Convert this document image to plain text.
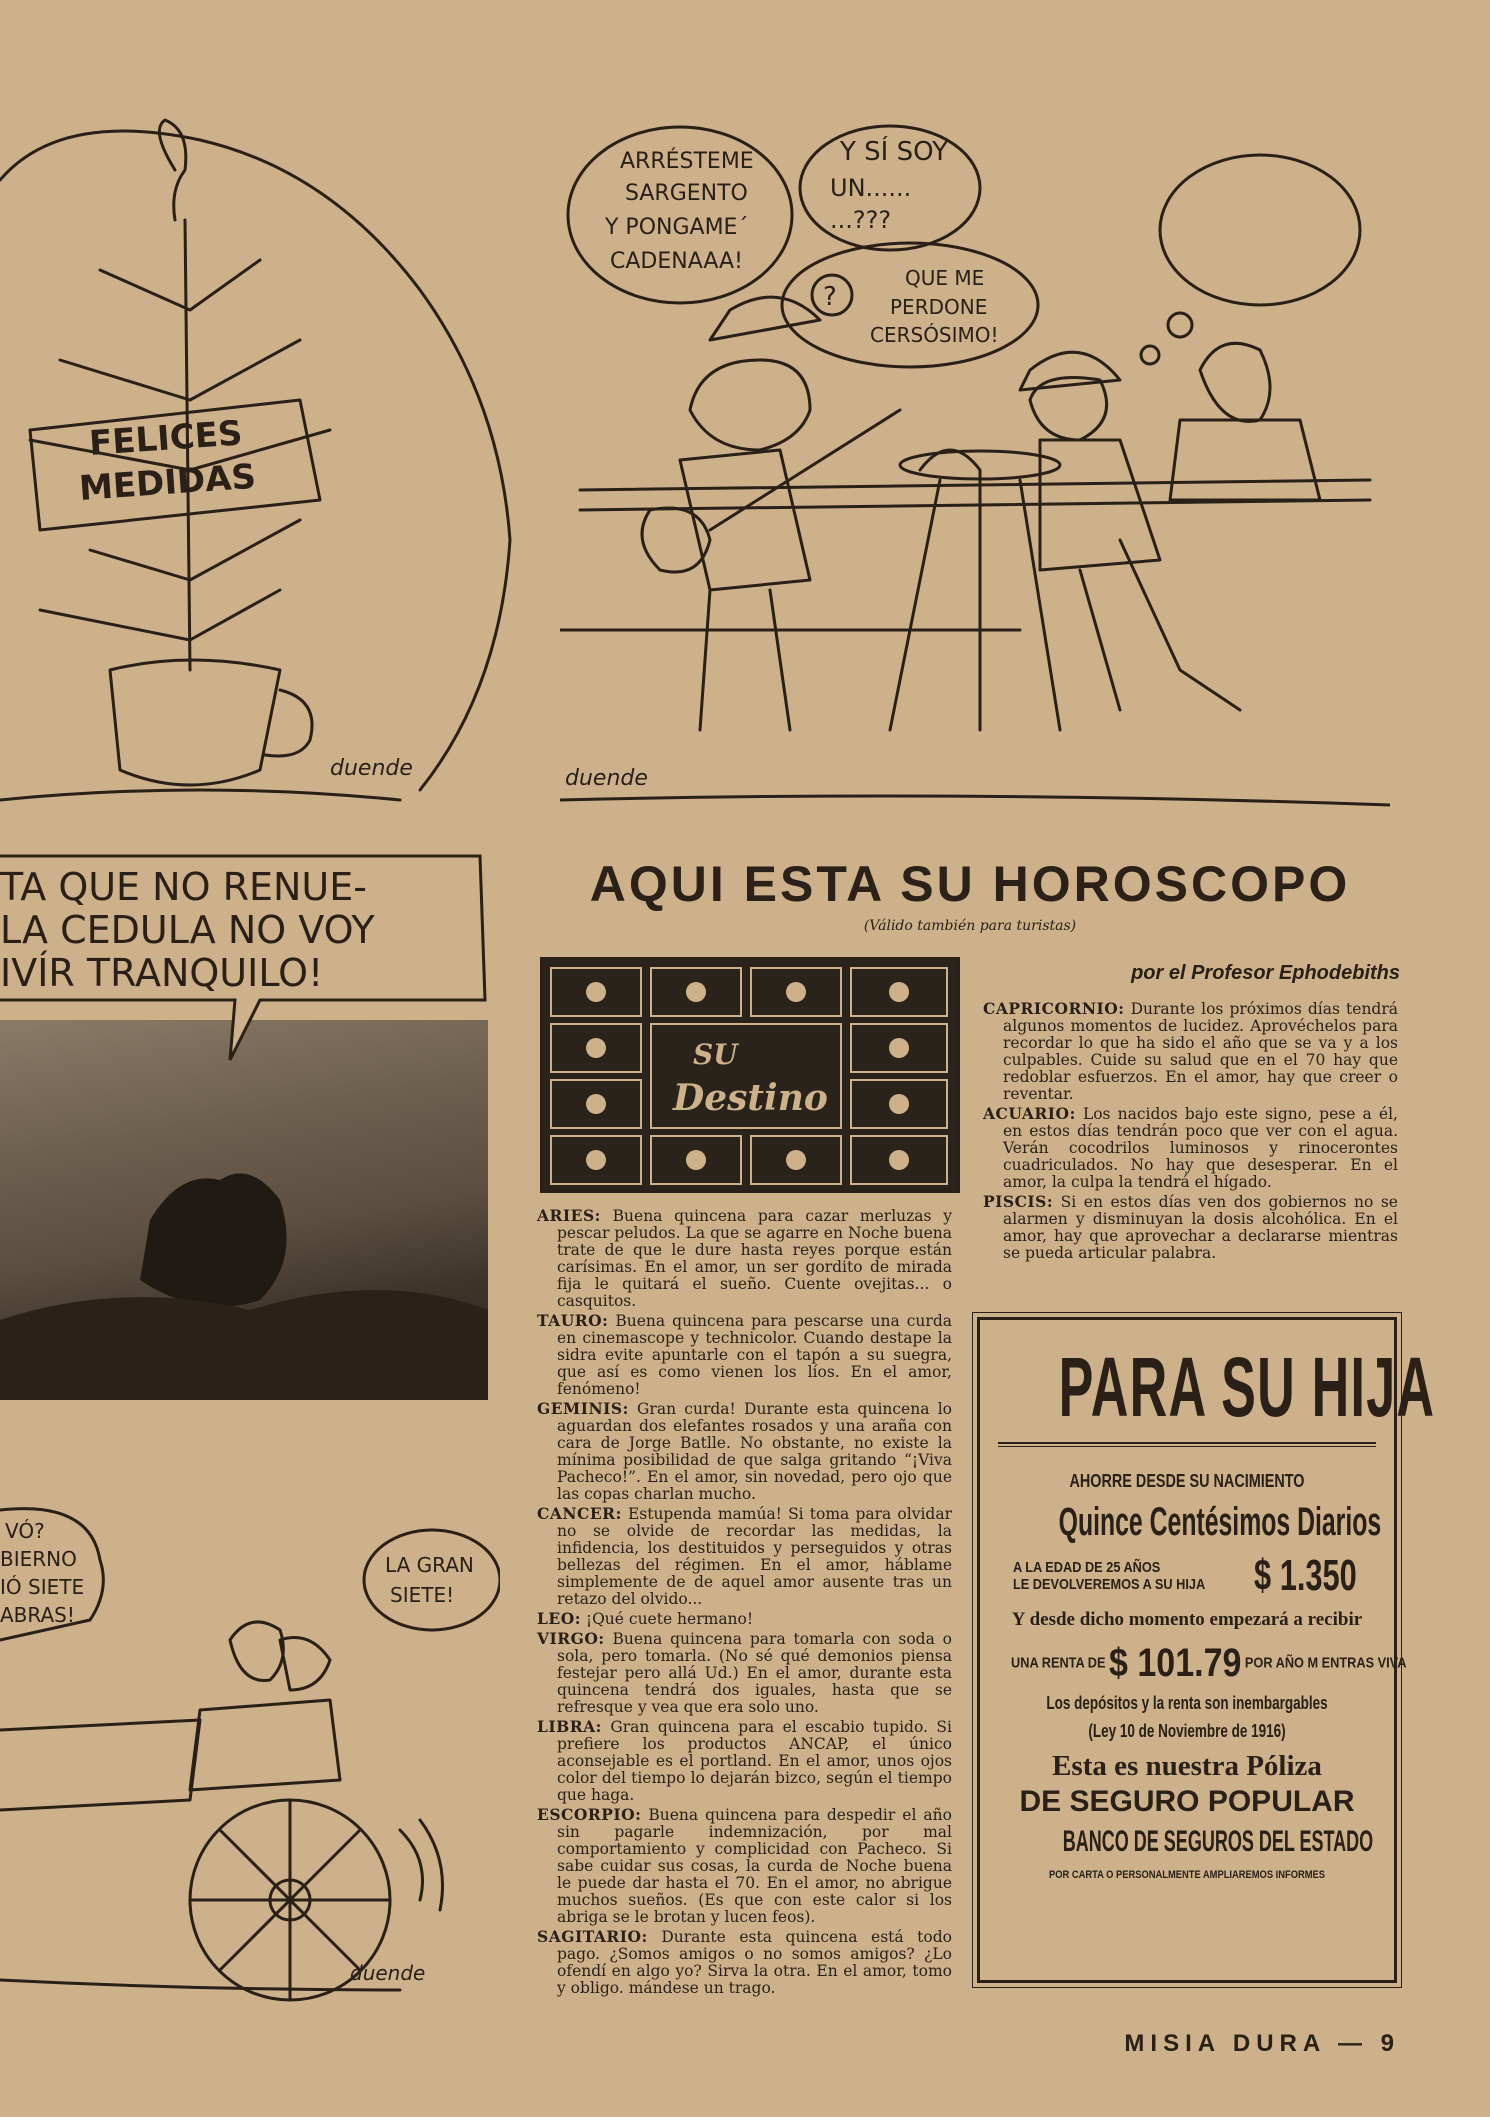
FELICES
MEDIDAS
duende
ARRÉSTEME
SARGENTO
Y PONGAME´
CADENAAA!
Y SÍ SOY
UN......
...???
?
QUE ME
PERDONE
CERSÓSIMO!
duende
TA QUE NO RENUE-
LA CEDULA NO VOY
IVÍR TRANQUILO!
VÓ?
BIERNO
IÓ SIETE
ABRAS!
LA GRAN
SIETE!
duende
AQUI ESTA SU HOROSCOPO
(Válido también para turistas)
por el Profesor Ephodebiths
SU
Destino

ARIES: Buena quincena para cazar merluzas y pescar peludos. La que se agarre en Noche buena trate de que le dure hasta reyes porque están carísimas. En el amor, un ser gordito de mirada fija le quitará el sueño. Cuente ovejitas... o casquitos.

TAURO: Buena quincena para pescarse una curda en cinemascope y technicolor. Cuando destape la sidra evite apuntarle con el tapón a su suegra, que así es como vienen los líos. En el amor, fenómeno!

GEMINIS: Gran curda! Durante esta quincena lo aguardan dos elefantes rosados y una araña con cara de Jorge Batlle. No obstante, no existe la mínima posibilidad de que salga gritando “¡Viva Pacheco!”. En el amor, sin novedad, pero ojo que las copas charlan mucho.

CANCER: Estupenda mamúa! Si toma para olvidar no se olvide de recordar las medidas, la infidencia, los destituidos y perseguidos y otras bellezas del régimen. En el amor, háblame simplemente de de aquel amor ausente tras un retazo del olvido...

LEO: ¡Qué cuete hermano!

VIRGO: Buena quincena para tomarla con soda o sola, pero tomarla. (No sé qué demonios piensa festejar pero allá Ud.) En el amor, durante esta quincena tendrá dos iguales, hasta que se refresque y vea que era solo uno.

LIBRA: Gran quincena para el escabio tupido. Si prefiere los productos ANCAP, el único aconsejable es el portland. En el amor, unos ojos color del tiempo lo dejarán bizco, según el tiempo que haga.

ESCORPIO: Buena quincena para despedir el año sin pagarle indemnización, por mal comportamiento y complicidad con Pacheco. Si sabe cuidar sus cosas, la curda de Noche buena le puede dar hasta el 70. En el amor, no abrigue muchos sueños. (Es que con este calor si los abriga se le brotan y lucen feos).

SAGITARIO: Durante esta quincena está todo pago. ¿Somos amigos o no somos amigos? ¿Lo ofendí en algo yo? Sirva la otra. En el amor, tomo y obligo. mándese un trago.

CAPRICORNIO: Durante los próximos días tendrá algunos momentos de lucidez. Aprovéchelos para recordar lo que ha sido el año que se va y a los culpables. Cuide su salud que en el 70 hay que redoblar esfuerzos. En el amor, hay que creer o reventar.

ACUARIO: Los nacidos bajo este signo, pese a él, en estos días tendrán poco que ver con el agua. Verán cocodrilos luminosos y rinocerontes cuadriculados. No hay que desesperar. En el amor, la culpa la tendrá el hígado.

PISCIS: Si en estos días ven dos gobiernos no se alarmen y disminuyan la dosis alcohólica. En el amor, hay que aprovechar a declararse mientras se pueda articular palabra.

PARA SU HIJA
AHORRE DESDE SU NACIMIENTO
Quince Centésimos Diarios
A LA EDAD DE 25 AÑOS
LE DEVOLVEREMOS A SU HIJA $ 1.350
Y desde dicho momento empezará a recibir
UNA RENTA DE $ 101.79 POR AÑO M ENTRAS VIVA
Los depósitos y la renta son inembargables
(Ley 10 de Noviembre de 1916)
Esta es nuestra Póliza
DE SEGURO POPULAR
BANCO DE SEGUROS DEL ESTADO
POR CARTA O PERSONALMENTE AMPLIAREMOS INFORMES
MISIA DURA — 9
